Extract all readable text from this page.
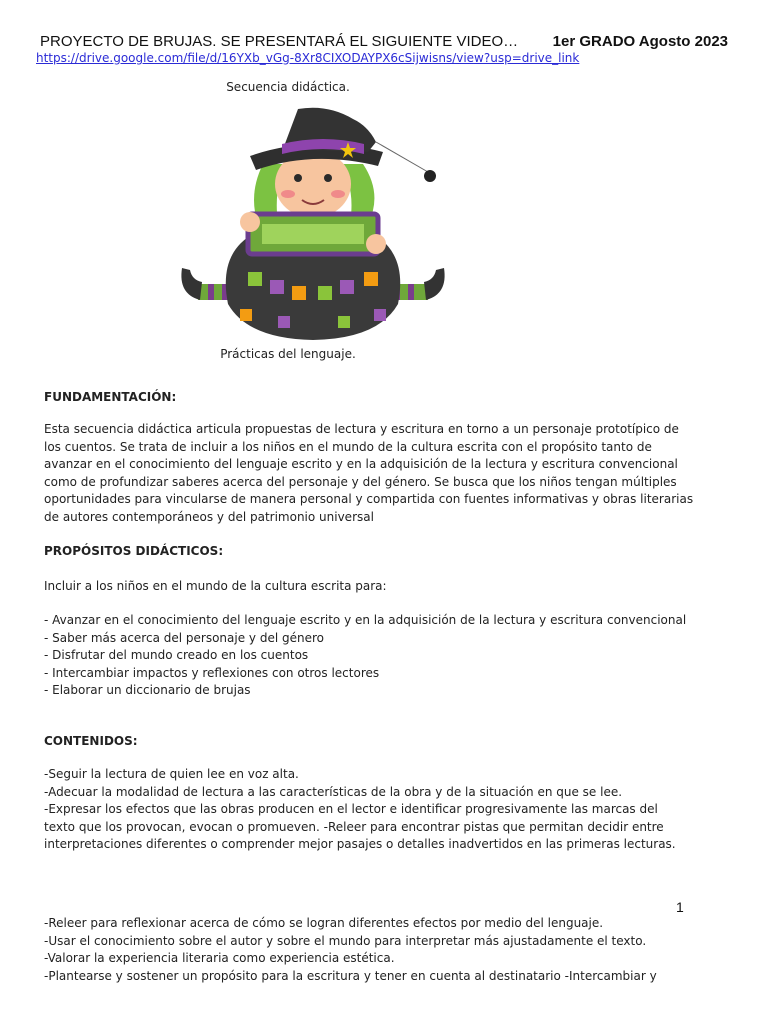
PROYECTO DE BRUJAS. SE PRESENTARÁ EL SIGUIENTE VIDEO… 1er GRADO Agosto 2023
https://drive.google.com/file/d/16YXb_vGg-8Xr8CIXODAYPX6cSijwisns/view?usp=drive_link
Secuencia didáctica.
Prácticas del lenguaje.
FUNDAMENTACIÓN:
Esta secuencia didáctica articula propuestas de lectura y escritura en torno a un personaje prototípico de
los cuentos. Se trata de incluir a los niños en el mundo de la cultura escrita con el propósito tanto de
avanzar en el conocimiento del lenguaje escrito y en la adquisición de la lectura y escritura convencional
como de profundizar saberes acerca del personaje y del género. Se busca que los niños tengan múltiples
oportunidades para vincularse de manera personal y compartida con fuentes informativas y obras literarias
de autores contemporáneos y del patrimonio universal
PROPÓSITOS DIDÁCTICOS:
Incluir a los niños en el mundo de la cultura escrita para:
- Avanzar en el conocimiento del lenguaje escrito y en la adquisición de la lectura y escritura convencional
- Saber más acerca del personaje y del género
- Disfrutar del mundo creado en los cuentos
- Intercambiar impactos y reflexiones con otros lectores
- Elaborar un diccionario de brujas
CONTENIDOS:
-Seguir la lectura de quien lee en voz alta.
-Adecuar la modalidad de lectura a las características de la obra y de la situación en que se lee.
-Expresar los efectos que las obras producen en el lector e identificar progresivamente las marcas del
texto que los provocan, evocan o promueven. -Releer para encontrar pistas que permitan decidir entre
interpretaciones diferentes o comprender mejor pasajes o detalles inadvertidos en las primeras lecturas.
1
-Releer para reflexionar acerca de cómo se logran diferentes efectos por medio del lenguaje.
-Usar el conocimiento sobre el autor y sobre el mundo para interpretar más ajustadamente el texto.
-Valorar la experiencia literaria como experiencia estética.
-Plantearse y sostener un propósito para la escritura y tener en cuenta al destinatario -Intercambiar y
